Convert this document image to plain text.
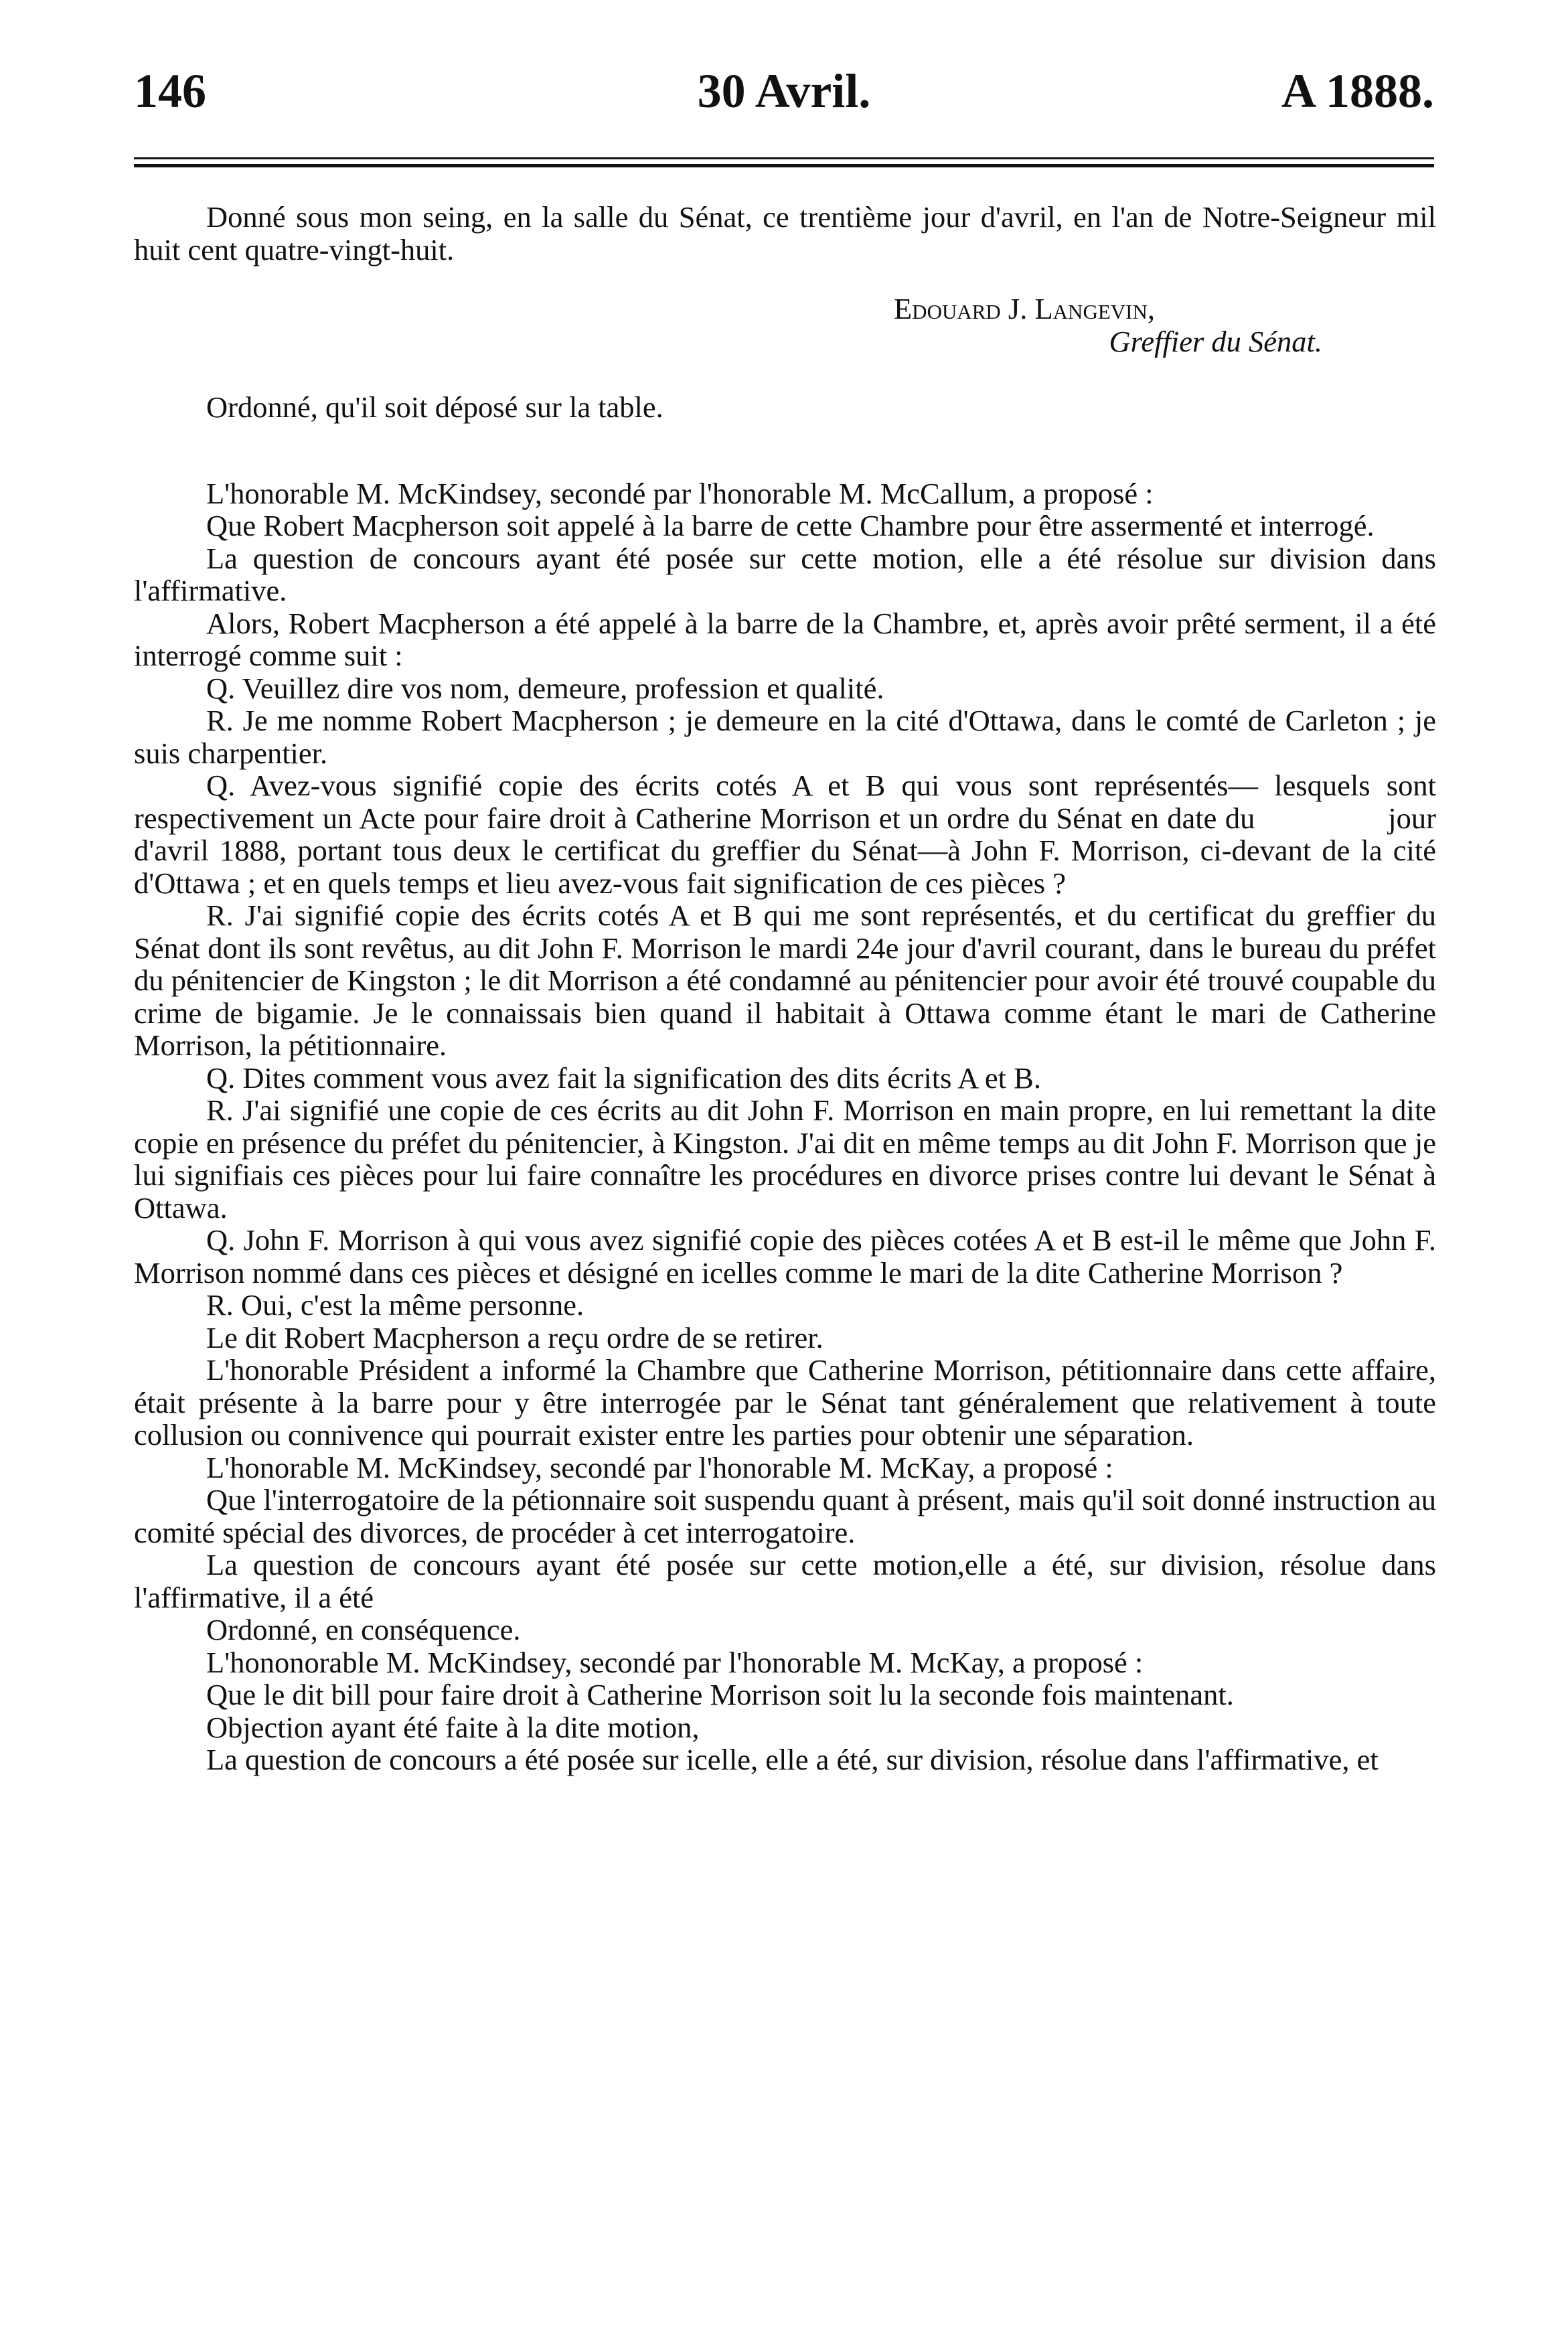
146	30 Avril.	A 1888.

Donné sous mon seing, en la salle du Sénat, ce trentième jour d'avril, en l'an de Notre-Seigneur mil huit cent quatre-vingt-huit.

Edouard J. Langevin,
Greffier du Sénat.

Ordonné, qu'il soit déposé sur la table.

L'honorable M. McKindsey, secondé par l'honorable M. McCallum, a proposé :

Que Robert Macpherson soit appelé à la barre de cette Chambre pour être assermenté et interrogé.

La question de concours ayant été posée sur cette motion, elle a été résolue sur division dans l'affirmative.

Alors, Robert Macpherson a été appelé à la barre de la Chambre, et, après avoir prêté serment, il a été interrogé comme suit :

Q. Veuillez dire vos nom, demeure, profession et qualité.

R. Je me nomme Robert Macpherson ; je demeure en la cité d'Ottawa, dans le comté de Carleton ; je suis charpentier.

Q. Avez-vous signifié copie des écrits cotés A et B qui vous sont représentés— lesquels sont respectivement un Acte pour faire droit à Catherine Morrison et un ordre du Sénat en date du                jour d'avril 1888, portant tous deux le certificat du greffier du Sénat—à John F. Morrison, ci-devant de la cité d'Ottawa ; et en quels temps et lieu avez-vous fait signification de ces pièces ?

R. J'ai signifié copie des écrits cotés A et B qui me sont représentés, et du certificat du greffier du Sénat dont ils sont revêtus, au dit John F. Morrison le mardi 24e jour d'avril courant, dans le bureau du préfet du pénitencier de Kingston ; le dit Morrison a été condamné au pénitencier pour avoir été trouvé coupable du crime de bigamie. Je le connaissais bien quand il habitait à Ottawa comme étant le mari de Catherine Morrison, la pétitionnaire.

Q. Dites comment vous avez fait la signification des dits écrits A et B.

R. J'ai signifié une copie de ces écrits au dit John F. Morrison en main propre, en lui remettant la dite copie en présence du préfet du pénitencier, à Kingston. J'ai dit en même temps au dit John F. Morrison que je lui signifiais ces pièces pour lui faire connaître les procédures en divorce prises contre lui devant le Sénat à Ottawa.

Q. John F. Morrison à qui vous avez signifié copie des pièces cotées A et B est-il le même que John F. Morrison nommé dans ces pièces et désigné en icelles comme le mari de la dite Catherine Morrison ?

R. Oui, c'est la même personne.

Le dit Robert Macpherson a reçu ordre de se retirer.

L'honorable Président a informé la Chambre que Catherine Morrison, pétitionnaire dans cette affaire, était présente à la barre pour y être interrogée par le Sénat tant généralement que relativement à toute collusion ou connivence qui pourrait exister entre les parties pour obtenir une séparation.

L'honorable M. McKindsey, secondé par l'honorable M. McKay, a proposé :

Que l'interrogatoire de la pétionnaire soit suspendu quant à présent, mais qu'il soit donné instruction au comité spécial des divorces, de procéder à cet interrogatoire.

La question de concours ayant été posée sur cette motion,elle a été, sur division, résolue dans l'affirmative, il a été

Ordonné, en conséquence.

L'hononorable M. McKindsey, secondé par l'honorable M. McKay, a proposé :

Que le dit bill pour faire droit à Catherine Morrison soit lu la seconde fois maintenant.

Objection ayant été faite à la dite motion,

La question de concours a été posée sur icelle, elle a été, sur division, résolue dans l'affirmative, et
